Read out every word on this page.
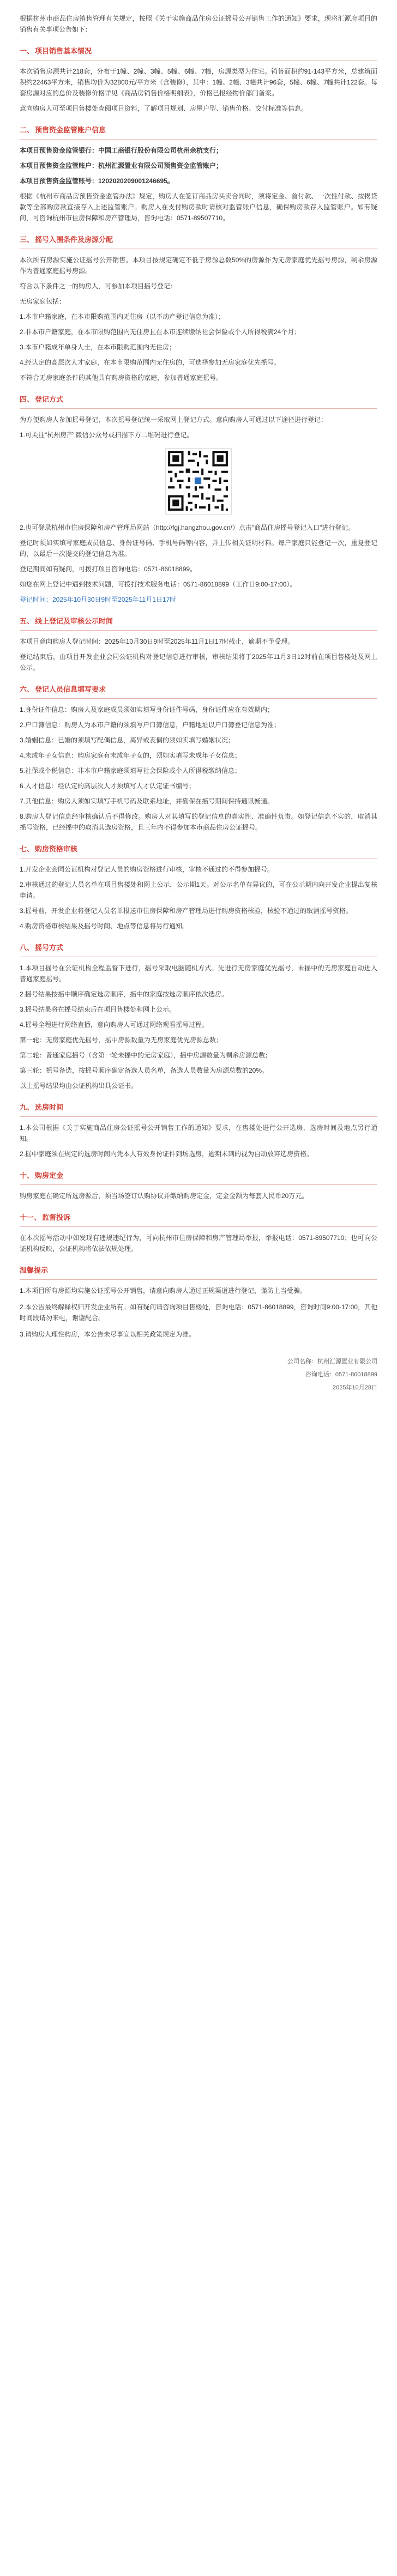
根据杭州市商品住房销售管理有关规定，按照《关于实施商品住房公证摇号公开销售工作的通知》要求，现将汇源府项目的销售有关事项公告如下：

一、 项目销售基本情况

本次销售房源共计218套，分布于1幢、2幢、3幢、5幢、6幢、7幢，房源类型为住宅。销售面积约91-143平方米，总建筑面积约22463平方米，销售均价为32800元/平方米（含装修），其中：1幢、2幢、3幢共计96套，5幢、6幢、7幢共计122套。每套房源对应的总价及装修价格详见《商品房销售价格明细表》，价格已报经物价部门备案。

意向购房人可至项目售楼处查阅项目资料，了解项目规划、房屋户型、销售价格、交付标准等信息。

二、 预售资金监管账户信息

本项目预售资金监管银行：中国工商银行股份有限公司杭州余杭支行；

本项目预售资金监管账户：杭州汇源置业有限公司预售资金监管账户；

本项目预售资金监管账号：1202020209001246695。

根据《杭州市商品房预售资金监管办法》规定，购房人在签订商品房买卖合同时，须将定金、首付款、一次性付款、按揭贷款等全部购房款直接存入上述监管账户。购房人在支付购房款时请核对监管账户信息，确保购房款存入监管账户。如有疑问，可咨询杭州市住房保障和房产管理局，咨询电话：0571-89507710。

三、 摇号入围条件及房源分配

本次所有房源实施公证摇号公开销售。本项目按规定确定不低于房源总数50%的房源作为无房家庭优先摇号房源，剩余房源作为普通家庭摇号房源。

符合以下条件之一的购房人，可参加本项目摇号登记：

无房家庭包括：

1.本市户籍家庭，在本市限购范围内无住房（以不动产登记信息为准）；

2.非本市户籍家庭，在本市限购范围内无住房且在本市连续缴纳社会保险或个人所得税满24个月；

3.本市户籍成年单身人士，在本市限购范围内无住房；

4.经认定的高层次人才家庭，在本市限购范围内无住房的，可选择参加无房家庭优先摇号。

不符合无房家庭条件的其他具有购房资格的家庭，参加普通家庭摇号。

四、 登记方式

为方便购房人参加摇号登记，本次摇号登记统一采取网上登记方式。意向购房人可通过以下途径进行登记：

1.可关注"杭州房产"微信公众号或扫描下方二维码进行登记。

2.也可登录杭州市住房保障和房产管理局网站（http://fgj.hangzhou.gov.cn/）点击"商品住房摇号登记入口"进行登记。

登记时须如实填写家庭成员信息、身份证号码、手机号码等内容，并上传相关证明材料。每户家庭只能登记一次，重复登记的，以最后一次提交的登记信息为准。

登记期间如有疑问，可拨打项目咨询电话：0571-86018899。

如您在网上登记中遇到技术问题，可拨打技术服务电话：0571-86018899（工作日9:00-17:00）。

登记时间：2025年10月30日9时至2025年11月1日17时

五、 线上登记及审核公示时间

本项目意向购房人登记时间：2025年10月30日9时至2025年11月1日17时截止，逾期不予受理。

登记结束后，由项目开发企业会同公证机构对登记信息进行审核，审核结果将于2025年11月3日12时前在项目售楼处及网上公示。

六、 登记人员信息填写要求

1.身份证件信息：购房人及家庭成员须如实填写身份证件号码，身份证件应在有效期内；

2.户口簿信息：购房人为本市户籍的须填写户口簿信息，户籍地址以户口簿登记信息为准；

3.婚姻信息：已婚的须填写配偶信息，离异或丧偶的须如实填写婚姻状况；

4.未成年子女信息：购房家庭有未成年子女的，须如实填写未成年子女信息；

5.社保或个税信息：非本市户籍家庭须填写社会保险或个人所得税缴纳信息；

6.人才信息：经认定的高层次人才须填写人才认定证书编号；

7.其他信息：购房人须如实填写手机号码及联系地址，并确保在摇号期间保持通讯畅通。

8.购房人登记信息经审核确认后不得修改。购房人对其填写的登记信息的真实性、准确性负责。如登记信息不实的，取消其摇号资格，已经摇中的取消其选房资格，且三年内不得参加本市商品住房公证摇号。

七、 购房资格审核

1.开发企业会同公证机构对登记人员的购房资格进行审核，审核不通过的不得参加摇号。

2.审核通过的登记人员名单在项目售楼处和网上公示，公示期1天。对公示名单有异议的，可在公示期内向开发企业提出复核申请。

3.摇号前，开发企业将登记人员名单报送市住房保障和房产管理局进行购房资格核验，核验不通过的取消摇号资格。

4.购房资格审核结果及摇号时间、地点等信息将另行通知。

八、 摇号方式

1.本项目摇号在公证机构全程监督下进行，摇号采取电脑随机方式。先进行无房家庭优先摇号，未摇中的无房家庭自动进入普通家庭摇号。

2.摇号结果按摇中顺序确定选房顺序，摇中的家庭按选房顺序依次选房。

3.摇号结果将在摇号结束后在项目售楼处和网上公示。

4.摇号全程进行网络直播，意向购房人可通过网络观看摇号过程。

第一轮：无房家庭优先摇号，摇中房源数量为无房家庭优先房源总数；

第二轮：普通家庭摇号（含第一轮未摇中的无房家庭），摇中房源数量为剩余房源总数；

第三轮：摇号备选，按摇号顺序确定备选人员名单，备选人员数量为房源总数的20%。

以上摇号结果均由公证机构出具公证书。

九、 选房时间

1.本公司根据《关于实施商品住房公证摇号公开销售工作的通知》要求，在售楼处进行公开选房，选房时间及地点另行通知。

2.摇中家庭须在规定的选房时间内凭本人有效身份证件到场选房，逾期未到的视为自动放弃选房资格。

十、 购房定金

购房家庭在确定所选房源后，须当场签订认购协议并缴纳购房定金，定金金额为每套人民币20万元。

十一、 监督投诉

在本次摇号活动中如发现有违规违纪行为，可向杭州市住房保障和房产管理局举报，举报电话：0571-89507710；也可向公证机构反映，公证机构将依法依规处理。

温馨提示

1.本项目所有房源均实施公证摇号公开销售，请意向购房人通过正规渠道进行登记，谨防上当受骗。

2.本公告最终解释权归开发企业所有。如有疑问请咨询项目售楼处，咨询电话：0571-86018899，咨询时间9:00-17:00，其他时间段请勿来电，谢谢配合。

3.请购房人理性购房，本公告未尽事宜以相关政策规定为准。

公司名称：杭州汇源置业有限公司

咨询电话：0571-86018899

2025年10月28日
